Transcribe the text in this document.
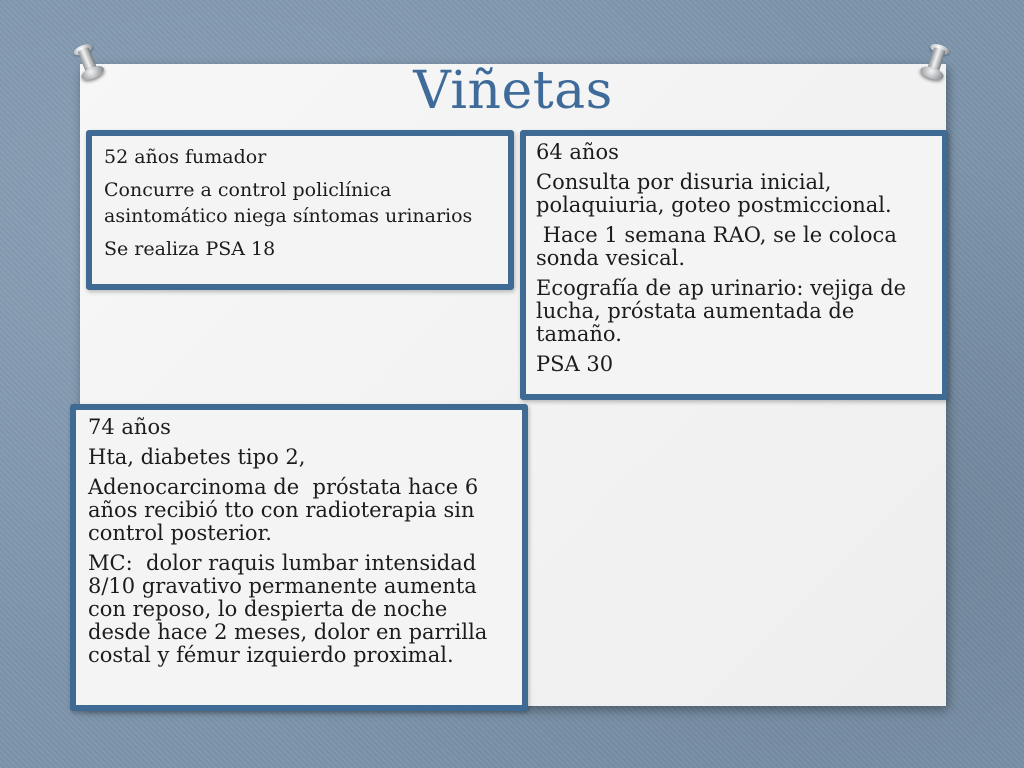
Viñetas

52 años fumador

Concurre a control policlínica asintomático niega síntomas urinarios

Se realiza PSA 18

64 años

Consulta por disuria inicial, polaquiuria, goteo postmiccional.

Hace 1 semana RAO, se le coloca sonda vesical.

Ecografía de ap urinario: vejiga de lucha, próstata aumentada de tamaño.

PSA 30

74 años

Hta, diabetes tipo 2,

Adenocarcinoma de  próstata hace 6 años recibió tto con radioterapia sin control posterior.

MC:  dolor raquis lumbar intensidad 8/10 gravativo permanente aumenta con reposo, lo despierta de noche desde hace 2 meses, dolor en parrilla costal y fémur izquierdo proximal.
